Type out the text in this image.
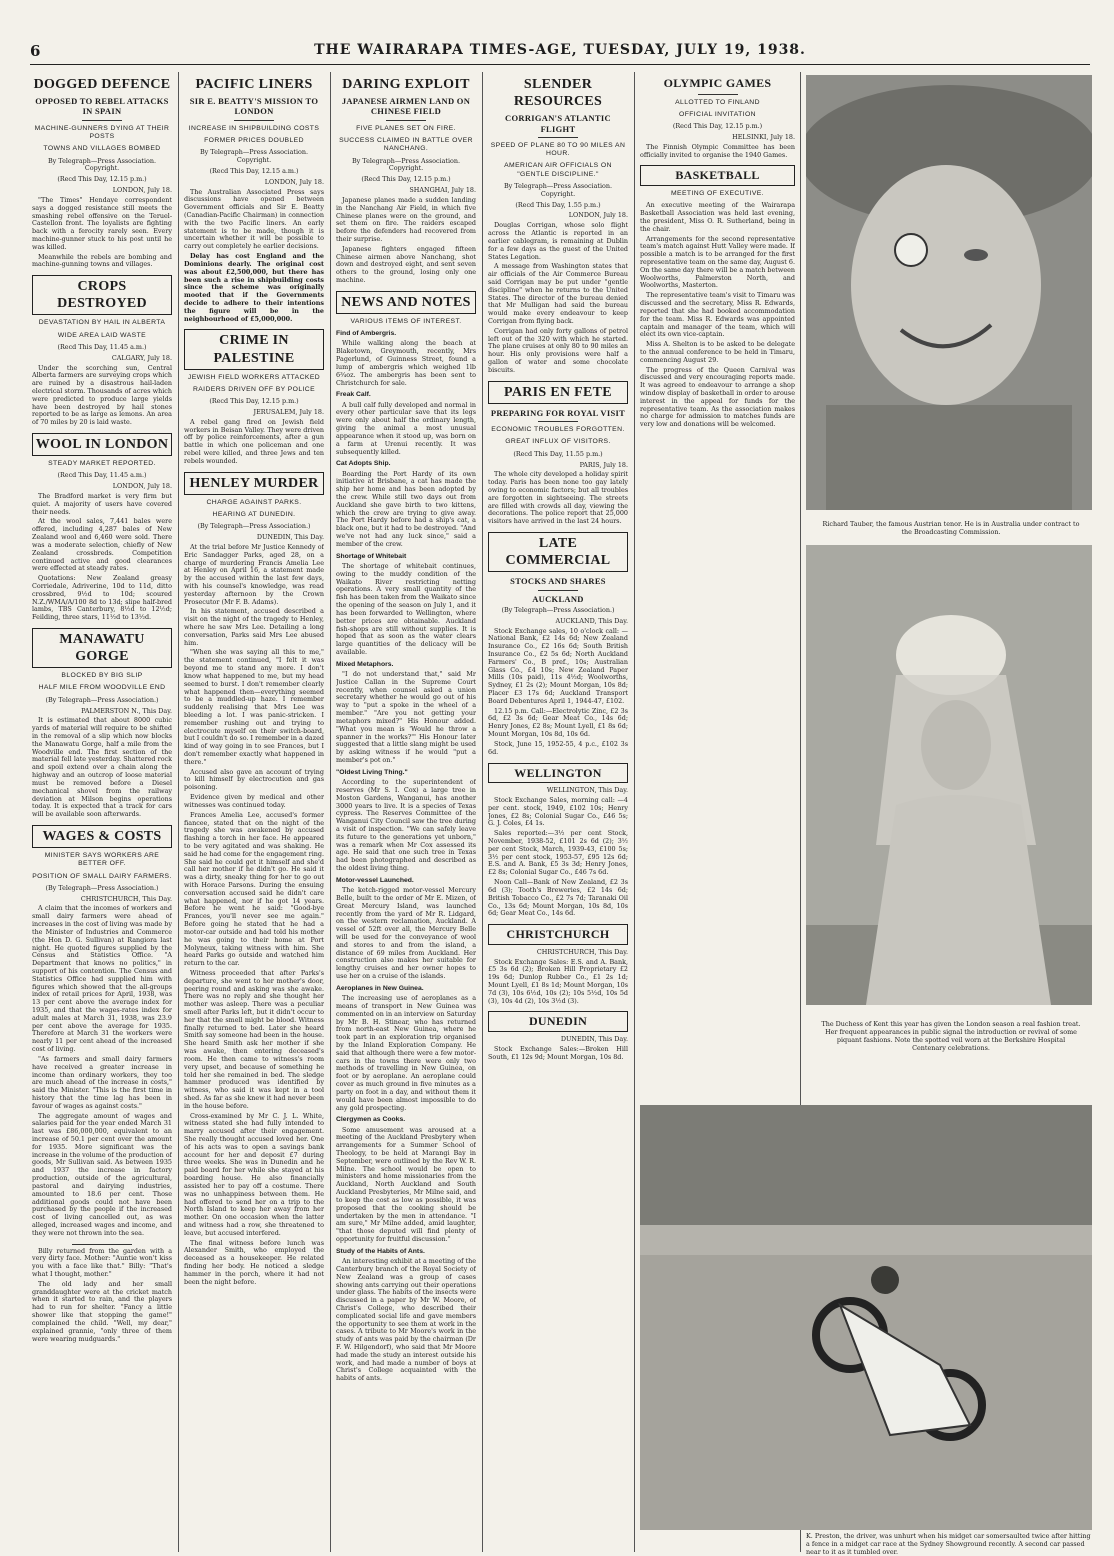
6	THE WAIRARAPA TIMES-AGE, TUESDAY, JULY 19, 1938.
DOGGED DEFENCE
OPPOSED TO REBEL ATTACKS IN SPAIN
MACHINE-GUNNERS DYING AT THEIR POSTS
TOWNS AND VILLAGES BOMBED
By Telegraph—Press Association. Copyright.
(Recd This Day, 12.15 p.m.)
LONDON, July 18.

"The Times" Hendaye correspondent says a dogged resistance still meets the smashing rebel offensive on the Teruel-Castellon front. The loyalists are fighting back with a ferocity rarely seen. Every machine-gunner stuck to his post until he was killed.

Meanwhile the rebels are bombing and machine-gunning towns and villages.

CROPS DESTROYED
DEVASTATION BY HAIL IN ALBERTA
WIDE AREA LAID WASTE
(Recd This Day, 11.45 a.m.)
CALGARY, July 18.

Under the scorching sun, Central Alberta farmers are surveying crops which are ruined by a disastrous hail-laden electrical storm. Thousands of acres which were predicted to produce large yields have been destroyed by hail stones reported to be as large as lemons. An area of 70 miles by 20 is laid waste.

WOOL IN LONDON
STEADY MARKET REPORTED.
(Recd This Day, 11.45 a.m.)
LONDON, July 18.

The Bradford market is very firm but quiet. A majority of users have covered their needs.

At the wool sales, 7,441 bales were offered, including 4,287 bales of New Zealand wool and 6,460 were sold. There was a moderate selection, chiefly of New Zealand crossbreds. Competition continued active and good clearances were effected at steady rates.

Quotations: New Zealand greasy Corriedale, Adriverine, 10d to 11d, ditto crossbred, 9½d to 10d; scoured N.Z./WMA/A/100 8d to 13d; slipe half-bred lambs, TBS Canterbury, 8½d to 12½d; Feilding, three stars, 11½d to 13½d.

MANAWATU GORGE
BLOCKED BY BIG SLIP
HALF MILE FROM WOODVILLE END
(By Telegraph—Press Association.)
PALMERSTON N., This Day.

It is estimated that about 8000 cubic yards of material will require to be shifted in the removal of a slip which now blocks the Manawatu Gorge, half a mile from the Woodville end. The first section of the material fell late yesterday. Shattered rock and spoil extend over a chain along the highway and an outcrop of loose material must be removed before a Diesel mechanical shovel from the railway deviation at Milson begins operations today. It is expected that a track for cars will be available soon afterwards.

WAGES & COSTS
MINISTER SAYS WORKERS ARE BETTER OFF.
POSITION OF SMALL DAIRY FARMERS.
(By Telegraph—Press Association.)
CHRISTCHURCH, This Day.

A claim that the incomes of workers and small dairy farmers were ahead of increases in the cost of living was made by the Minister of Industries and Commerce (the Hon D. G. Sullivan) at Rangiora last night. He quoted figures supplied by the Census and Statistics Office. "A Department that knows no politics," in support of his contention. The Census and Statistics Office had supplied him with figures which showed that the all-groups index of retail prices for April, 1938, was 13 per cent above the average index for 1935, and that the wages-rates index for adult males at March 31, 1938, was 23.9 per cent above the average for 1935. Therefore at March 31 the workers were nearly 11 per cent ahead of the increased cost of living.

"As farmers and small dairy farmers have received a greater increase in income than ordinary workers, they too are much ahead of the increase in costs," said the Minister. "This is the first time in history that the time lag has been in favour of wages as against costs."

The aggregate amount of wages and salaries paid for the year ended March 31 last was £86,000,000, equivalent to an increase of 50.1 per cent over the amount for 1935. More significant was the increase in the volume of the production of goods, Mr Sullivan said. As between 1935 and 1937 the increase in factory production, outside of the agricultural, pastoral and dairying industries, amounted to 18.6 per cent. Those additional goods could not have been purchased by the people if the increased cost of living cancelled out, as was alleged, increased wages and income, and they were not thrown into the sea.

Billy returned from the garden with a very dirty face. Mother: "Auntie won't kiss you with a face like that." Billy: "That's what I thought, mother."

The old lady and her small granddaughter were at the cricket match when it started to rain, and the players had to run for shelter. "Fancy a little shower like that stopping the game!" complained the child. "Well, my dear," explained grannie, "only three of them were wearing mudguards."

PACIFIC LINERS
SIR E. BEATTY'S MISSION TO LONDON
INCREASE IN SHIPBUILDING COSTS
FORMER PRICES DOUBLED
By Telegraph—Press Association. Copyright.
(Recd This Day, 12.15 a.m.)
LONDON, July 18.

The Australian Associated Press says discussions have opened between Government officials and Sir E. Beatty (Canadian-Pacific Chairman) in connection with the two Pacific liners. An early statement is to be made, though it is uncertain whether it will be possible to carry out completely he earlier decisions.

Delay has cost England and the Dominions dearly. The original cost was about £2,500,000, but there has been such a rise in shipbuilding costs since the scheme was originally mooted that if the Governments decide to adhere to their intentions the figure will be in the neighbourhood of £5,000,000.

CRIME IN PALESTINE
JEWISH FIELD WORKERS ATTACKED
RAIDERS DRIVEN OFF BY POLICE
(Recd This Day, 12.15 p.m.)
JERUSALEM, July 18.

A rebel gang fired on Jewish field workers in Beisan Valley. They were driven off by police reinforcements, after a gun battle in which one policeman and one rebel were killed, and three Jews and ten rebels wounded.

HENLEY MURDER
CHARGE AGAINST PARKS.
HEARING AT DUNEDIN.
(By Telegraph—Press Association.)
DUNEDIN, This Day.

At the trial before Mr Justice Kennedy of Eric Sandagger Parks, aged 28, on a charge of murdering Francis Amelia Lee at Henley on April 16, a statement made by the accused within the last few days, with his counsel's knowledge, was read yesterday afternoon by the Crown Prosecutor (Mr F. B. Adams).

In his statement, accused described a visit on the night of the tragedy to Henley, where he saw Mrs Lee. Detailing a long conversation, Parks said Mrs Lee abused him.

"When she was saying all this to me," the statement continued, "I felt it was beyond me to stand any more. I don't know what happened to me, but my head seemed to burst. I don't remember clearly what happened then—everything seemed to be a muddled-up haze. I remember suddenly realising that Mrs Lee was bleeding a lot. I was panic-stricken. I remember rushing out and trying to electrocute myself on their switch-board, but I couldn't do so. I remember in a dazed kind of way going in to see Frances, but I don't remember exactly what happened in there."

Accused also gave an account of trying to kill himself by electrocution and gas poisoning.

Evidence given by medical and other witnesses was continued today.

Frances Amelia Lee, accused's former fiancee, stated that on the night of the tragedy she was awakened by accused flashing a torch in her face. He appeared to be very agitated and was shaking. He said he had come for the engagement ring. She said he could get it himself and she'd call her mother if he didn't go. He said it was a dirty, sneaky thing for her to go out with Horace Parsons. During the ensuing conversation accused said he didn't care what happened, nor if he got 14 years. Before he went he said: "Good-bye Frances, you'll never see me again." Before going he stated that he had a motor-car outside and had told his mother he was going to their home at Port Molyneux, taking witness with him. She heard Parks go outside and watched him return to the car.

Witness proceeded that after Parks's departure, she went to her mother's door, peering round and asking was she awake. There was no reply and she thought her mother was asleep. There was a peculiar smell after Parks left, but it didn't occur to her that the smell might be blood. Witness finally returned to bed. Later she heard Smith say someone had been in the house. She heard Smith ask her mother if she was awake, then entering deceased's room. He then came to witness's room very upset, and because of something he told her she remained in bed. The sledge hammer produced was identified by witness, who said it was kept in a tool shed. As far as she knew it had never been in the house before.

Cross-examined by Mr C. J. L. White, witness stated she had fully intended to marry accused after their engagement. She really thought accused loved her. One of his acts was to open a savings bank account for her and deposit £7 during three weeks. She was in Dunedin and he paid board for her while she stayed at his boarding house. He also financially assisted her to pay off a costume. There was no unhappiness between them. He had offered to send her on a trip to the North Island to keep her away from her mother. On one occasion when the latter and witness had a row, she threatened to leave, but accused interfered.

The final witness before lunch was Alexander Smith, who employed the deceased as a housekeeper. He related finding her body. He noticed a sledge hammer in the porch, where it had not been the night before.

DARING EXPLOIT
JAPANESE AIRMEN LAND ON CHINESE FIELD
FIVE PLANES SET ON FIRE.
SUCCESS CLAIMED IN BATTLE OVER NANCHANG.
By Telegraph—Press Association. Copyright.
(Recd This Day, 12.15 p.m.)
SHANGHAI, July 18.

Japanese planes made a sudden landing in the Nanchang Air Field, in which five Chinese planes were on the ground, and set them on fire. The raiders escaped before the defenders had recovered from their surprise.

Japanese fighters engaged fifteen Chinese airmen above Nanchang, shot down and destroyed eight, and sent seven others to the ground, losing only one machine.

NEWS AND NOTES
VARIOUS ITEMS OF INTEREST.
Find of Ambergris.

While walking along the beach at Blaketown, Greymouth, recently, Mrs Pagerlund, of Guinness Street, found a lump of ambergris which weighed 1lb 6¾oz. The ambergris has been sent to Christchurch for sale.

Freak Calf.

A bull calf fully developed and normal in every other particular save that its legs were only about half the ordinary length, giving the animal a most unusual appearance when it stood up, was born on a farm at Urenui recently. It was subsequently killed.

Cat Adopts Ship.

Boarding the Port Hardy of its own initiative at Brisbane, a cat has made the ship her home and has been adopted by the crew. While still two days out from Auckland she gave birth to two kittens, which the crew are trying to give away. The Port Hardy before had a ship's cat, a black one, but it had to be destroyed. "And we've not had any luck since," said a member of the crew.

Shortage of Whitebait

The shortage of whitebait continues, owing to the muddy condition of the Waikato River restricting netting operations. A very small quantity of the fish has been taken from the Waikato since the opening of the season on July 1, and it has been forwarded to Wellington, where better prices are obtainable. Auckland fish-shops are still without supplies. It is hoped that as soon as the water clears large quantities of the delicacy will be available.

Mixed Metaphors.

"I do not understand that," said Mr Justice Callan in the Supreme Court recently, when counsel asked a union secretary whether he would go out of his way to "put a spoke in the wheel of a member." "Are you not getting your metaphors mixed?" His Honour added. "What you mean is 'Would he throw a spanner in the works?'" His Honour later suggested that a little slang might be used by asking witness if he would "put a member's pot on."

"Oldest Living Thing."

According to the superintendent of reserves (Mr S. I. Cox) a large tree in Moston Gardens, Wanganui, has another 3000 years to live. It is a species of Texas cypress. The Reserves Committee of the Wanganui City Council saw the tree during a visit of inspection. "We can safely leave its future to the generations yet unborn," was a remark when Mr Cox assessed its age. He said that one such tree in Texas had been photographed and described as the oldest living thing.

Motor-vessel Launched.

The ketch-rigged motor-vessel Mercury Belle, built to the order of Mr E. Mizen, of Great Mercury Island, was launched recently from the yard of Mr R. Lidgard, on the western reclamation, Auckland. A vessel of 52ft over all, the Mercury Belle will be used for the conveyance of wool and stores to and from the island, a distance of 69 miles from Auckland. Her construction also makes her suitable for lengthy cruises and her owner hopes to use her on a cruise of the islands.

Aeroplanes in New Guinea.

The increasing use of aeroplanes as a means of transport in New Guinea was commented on in an interview on Saturday by Mr B. H. Stinear, who has returned from north-east New Guinea, where he took part in an exploration trip organised by the Inland Exploration Company. He said that although there were a few motor-cars in the towns there were only two methods of travelling in New Guinea, on foot or by aeroplane. An aeroplane could cover as much ground in five minutes as a party on foot in a day, and without them it would have been almost impossible to do any gold prospecting.

Clergymen as Cooks.

Some amusement was aroused at a meeting of the Auckland Presbytery when arrangements for a Summer School of Theology, to be held at Marangi Bay in September, were outlined by the Rev W. R. Milne. The school would be open to ministers and home missionaries from the Auckland, North Auckland and South Auckland Presbyteries, Mr Milne said, and to keep the cost as low as possible, it was proposed that the cooking should be undertaken by the men in attendance. "I am sure," Mr Milne added, amid laughter, "that those deputed will find plenty of opportunity for fruitful discussion."

Study of the Habits of Ants.

An interesting exhibit at a meeting of the Canterbury branch of the Royal Society of New Zealand was a group of cases showing ants carrying out their operations under glass. The habits of the insects were discussed in a paper by Mr W. Moore, of Christ's College, who described their complicated social life and gave members the opportunity to see them at work in the cases. A tribute to Mr Moore's work in the study of ants was paid by the chairman (Dr F. W. Hilgendorf), who said that Mr Moore had made the study an interest outside his work, and had made a number of boys at Christ's College acquainted with the habits of ants.

SLENDER RESOURCES
CORRIGAN'S ATLANTIC FLIGHT
SPEED OF PLANE 80 TO 90 MILES AN HOUR.
AMERICAN AIR OFFICIALS ON "GENTLE DISCIPLINE."
By Telegraph—Press Association. Copyright.
(Recd This Day, 1.55 p.m.)
LONDON, July 18.

Douglas Corrigan, whose solo flight across the Atlantic is reported in an earlier cablegram, is remaining at Dublin for a few days as the guest of the United States Legation.

A message from Washington states that air officials of the Air Commerce Bureau said Corrigan may be put under "gentle discipline" when he returns to the United States. The director of the bureau denied that Mr Mulligan had said the bureau would make every endeavour to keep Corrigan from flying back.

Corrigan had only forty gallons of petrol left out of the 320 with which he started. The plane cruises at only 80 to 90 miles an hour. His only provisions were half a gallon of water and some chocolate biscuits.

PARIS EN FETE
PREPARING FOR ROYAL VISIT
ECONOMIC TROUBLES FORGOTTEN.
GREAT INFLUX OF VISITORS.
(Recd This Day, 11.55 p.m.)
PARIS, July 18.

The whole city developed a holiday spirit today. Paris has been none too gay lately owing to economic factors; but all troubles are forgotten in sightseeing. The streets are filled with crowds all day, viewing the decorations. The police report that 25,000 visitors have arrived in the last 24 hours.

LATE COMMERCIAL
STOCKS AND SHARES
AUCKLAND
(By Telegraph—Press Association.)
AUCKLAND, This Day.

Stock Exchange sales, 10 o'clock call: —National Bank, £2 14s 6d; New Zealand Insurance Co., £2 16s 6d; South British Insurance Co., £2 5s 6d; North Auckland Farmers' Co., B pref., 10s; Australian Glass Co., £4 10s; New Zealand Paper Mills (10s paid), 11s 4½d; Woolworths, Sydney, £1 2s (2); Mount Morgan, 10s 8d; Placer £3 17s 6d; Auckland Transport Board Debentures April 1, 1944-47, £102.

12.15 p.m. Call:—Electrolytic Zinc, £2 3s 6d, £2 3s 6d; Gear Meat Co., 14s 6d; Henry Jones, £2 8s; Mount Lyell, £1 8s 6d; Mount Morgan, 10s 8d, 10s 6d.

Stock, June 15, 1952-55, 4 p.c., £102 3s 6d.

WELLINGTON
WELLINGTON, This Day.

Stock Exchange Sales, morning call: —4 per cent. stock, 1949, £102 10s; Henry Jones, £2 8s; Colonial Sugar Co., £46 5s; G. J. Coles, £4 1s.

Sales reported:—3½ per cent Stock, November, 1938-52, £101 2s 6d (2); 3½ per cent Stock, March, 1939-43, £100 5s; 3½ per cent stock, 1953-57, £95 12s 6d; E.S. and A. Bank, £5 3s 3d; Henry Jones, £2 8s; Colonial Sugar Co., £46 7s 6d.

Noon Call—Bank of New Zealand, £2 3s 6d (3); Tooth's Breweries, £2 14s 6d; British Tobacco Co., £2 7s 7d; Taranaki Oil Co., 13s 6d; Mount Morgan, 10s 8d, 10s 6d; Gear Meat Co., 14s 6d.

CHRISTCHURCH
CHRISTCHURCH, This Day.

Stock Exchange Sales: E.S. and A. Bank, £5 3s 6d (2); Broken Hill Proprietary £2 19s 6d; Dunlop Rubber Co., £1 2s 1d; Mount Lyell, £1 8s 1d; Mount Morgan, 10s 7d (3), 10s 6½d, 10s (2); 10s 5½d, 10s 5d (3), 10s 4d (2), 10s 3½d (3).

DUNEDIN
DUNEDIN, This Day.

Stock Exchange Sales:—Broken Hill South, £1 12s 9d; Mount Morgan, 10s 8d.

OLYMPIC GAMES
ALLOTTED TO FINLAND
OFFICIAL INVITATION
(Recd This Day, 12.15 p.m.)
HELSINKI, July 18.

The Finnish Olympic Committee has been officially invited to organise the 1940 Games.

BASKETBALL
MEETING OF EXECUTIVE.

An executive meeting of the Wairarapa Basketball Association was held last evening, the president, Miss O. R. Sutherland, being in the chair.

Arrangements for the second representative team's match against Hutt Valley were made. If possible a match is to be arranged for the first representative team on the same day, August 6. On the same day there will be a match between Woolworths, Palmerston North, and Woolworths, Masterton.

The representative team's visit to Timaru was discussed and the secretary, Miss R. Edwards, reported that she had booked accommodation for the team. Miss R. Edwards was appointed captain and manager of the team, which will elect its own vice-captain.

Miss A. Shelton is to be asked to be delegate to the annual conference to be held in Timaru, commencing August 29.

The progress of the Queen Carnival was discussed and very encouraging reports made. It was agreed to endeavour to arrange a shop window display of basketball in order to arouse interest in the appeal for funds for the representative team. As the association makes no charge for admission to matches funds are very low and donations will be welcomed.

Richard Tauber, the famous Austrian tenor. He is in Australia under contract to the Broadcasting Commission.
The Duchess of Kent this year has given the London season a real fashion treat. Her frequent appearances in public signal the introduction or revival of some piquant fashions. Note the spotted veil worn at the Berkshire Hospital Centenary celebrations.
K. Preston, the driver, was unhurt when his midget car somersaulted twice after hitting a fence in a midget car race at the Sydney Showground recently. A second car passed near to it as it tumbled over.
